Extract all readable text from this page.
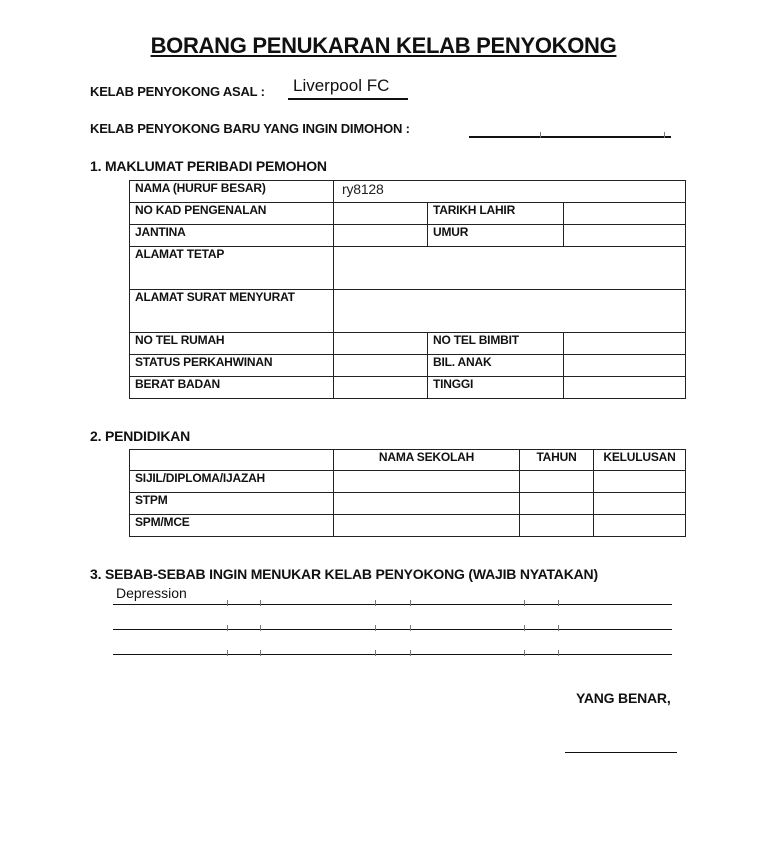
BORANG PENUKARAN KELAB PENYOKONG
KELAB PENYOKONG ASAL : Liverpool FC
KELAB PENYOKONG BARU YANG INGIN DIMOHON :
1. MAKLUMAT PERIBADI PEMOHON
NAMA (HURUF BESAR)	ry8128		
NO KAD PENGENALAN		TARIKH LAHIR	
JANTINA		UMUR	
ALAMAT TETAP			
ALAMAT SURAT MENYURAT			
NO TEL RUMAH		NO TEL BIMBIT	
STATUS PERKAHWINAN		BIL. ANAK	
BERAT BADAN		TINGGI	
2. PENDIDIKAN
	NAMA SEKOLAH	TAHUN	KELULUSAN
SIJIL/DIPLOMA/IJAZAH			
STPM			
SPM/MCE			
3. SEBAB-SEBAB INGIN MENUKAR KELAB PENYOKONG (WAJIB NYATAKAN)
Depression
YANG BENAR,
